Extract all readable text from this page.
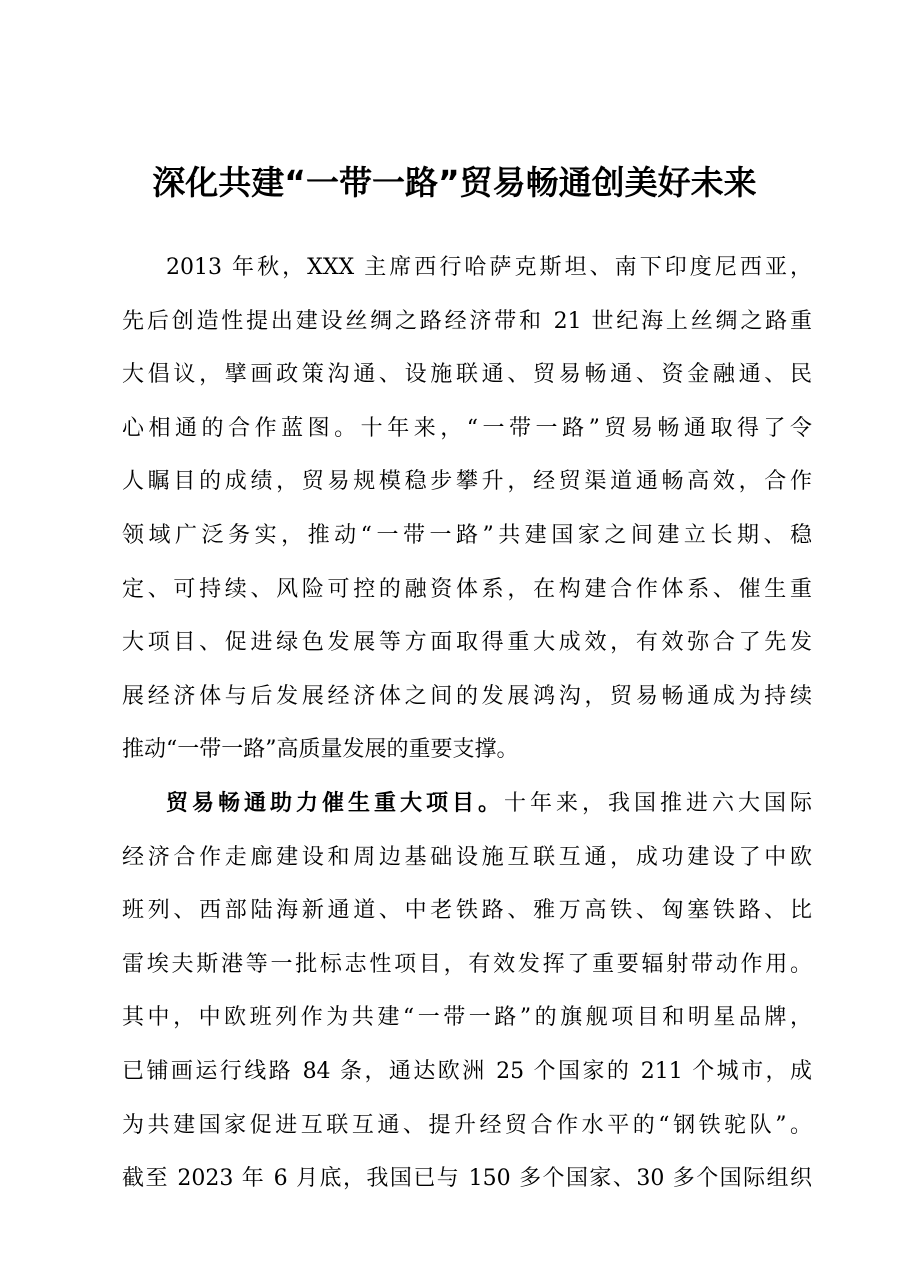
深化共建“一带一路”贸易畅通创美好未来
2013 年秋，XXX 主席西行哈萨克斯坦、南下印度尼西亚，
先后创造性提出建设丝绸之路经济带和 21 世纪海上丝绸之路重
大倡议，擘画政策沟通、设施联通、贸易畅通、资金融通、民
心相通的合作蓝图。十年来，“一带一路”贸易畅通取得了令
人瞩目的成绩，贸易规模稳步攀升，经贸渠道通畅高效，合作
领域广泛务实，推动“一带一路”共建国家之间建立长期、稳
定、可持续、风险可控的融资体系，在构建合作体系、催生重
大项目、促进绿色发展等方面取得重大成效，有效弥合了先发
展经济体与后发展经济体之间的发展鸿沟，贸易畅通成为持续
推动“一带一路”高质量发展的重要支撑。
贸易畅通助力催生重大项目。十年来，我国推进六大国际
经济合作走廊建设和周边基础设施互联互通，成功建设了中欧
班列、西部陆海新通道、中老铁路、雅万高铁、匈塞铁路、比
雷埃夫斯港等一批标志性项目，有效发挥了重要辐射带动作用。
其中，中欧班列作为共建“一带一路”的旗舰项目和明星品牌，
已铺画运行线路 84 条，通达欧洲 25 个国家的 211 个城市，成
为共建国家促进互联互通、提升经贸合作水平的“钢铁驼队”。
截至 2023 年 6 月底，我国已与 150 多个国家、30 多个国际组织
